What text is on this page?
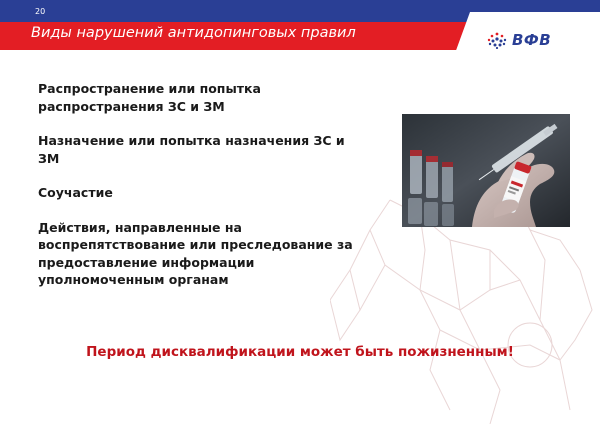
20
Виды нарушений антидопинговых правил	ВФВ

Распространение или попытка распространения ЗС и ЗМ

Назначение или попытка назначения ЗС и ЗМ

Соучастие

Действия, направленные на воспрепятствование или преследование за предоставление информации уполномоченным органам

Период дисквалификации может быть пожизненным!
